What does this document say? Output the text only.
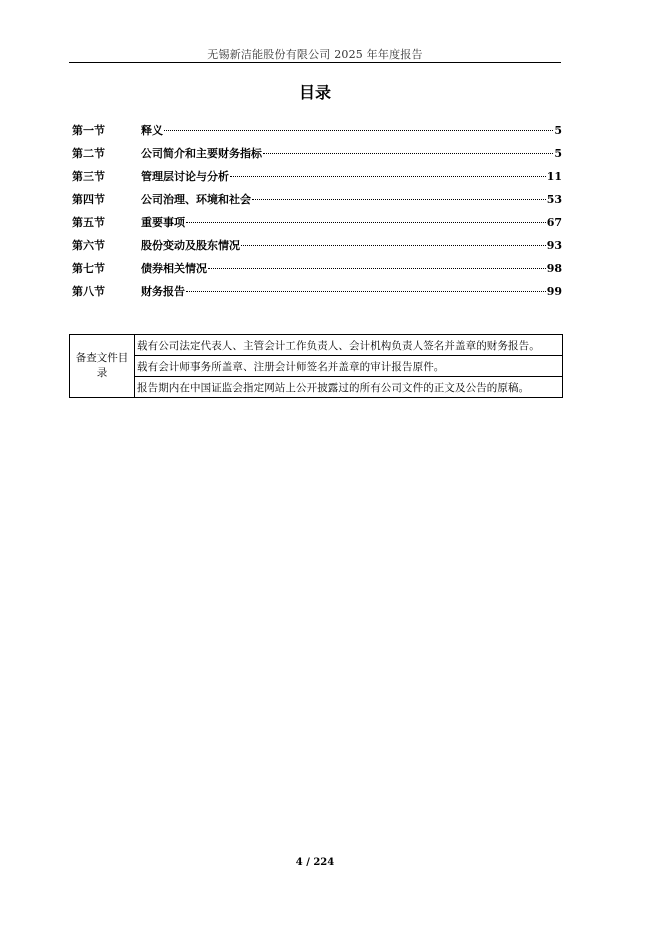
无锡新洁能股份有限公司 2025 年年度报告
目录
第一节	释义	5
第二节	公司简介和主要财务指标	5
第三节	管理层讨论与分析	11
第四节	公司治理、环境和社会	53
第五节	重要事项	67
第六节	股份变动及股东情况	93
第七节	债券相关情况	98
第八节	财务报告	99
备查文件目录	载有公司法定代表人、主管会计工作负责人、会计机构负责人签名并盖章的财务报告。
载有会计师事务所盖章、注册会计师签名并盖章的审计报告原件。
报告期内在中国证监会指定网站上公开披露过的所有公司文件的正文及公告的原稿。
4 / 224
